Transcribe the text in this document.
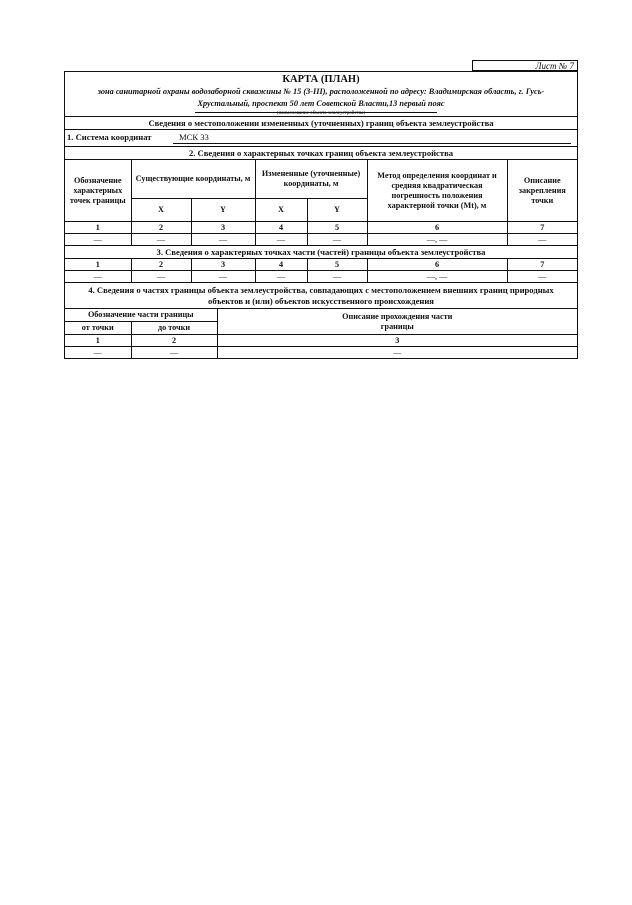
Лист № 7
КАРТА (ПЛАН)
зона санитарной охраны водозаборной скважины № 15 (3-III), расположенной по адресу: Владимирская область, г. Гусь-Хрустальный, проспект 50 лет Советской Власти,13 первый пояс
(наименование объекта землеустройства)
Сведения о местоположении измененных (уточненных) границ объекта землеустройства
1. Система координат	МСК 33
2. Сведения о характерных точках границ объекта землеустройства
Обозначение характерных точек границы	Существующие координаты, м		Измененные (уточненные) координаты, м		Метод определения координат и средняя квадратическая погрешность положения характерной точки (Mt), м	Описание закрепления точки
	X	Y	X	Y		
1	2	3	4	5	6	7
—	—	—	—	—	—, —	—
3. Сведения о характерных точках части (частей) границы объекта землеустройства
1	2	3	4	5	6	7
—	—	—	—	—	—, —	—
4. Сведения о частях границы объекта землеустройства, совпадающих с местоположением внешних границ природных объектов и (или) объектов искусственного происхождения
Обозначение части границы		Описание прохождения части границы
от точки	до точки	
1	2	3
—	—	—
